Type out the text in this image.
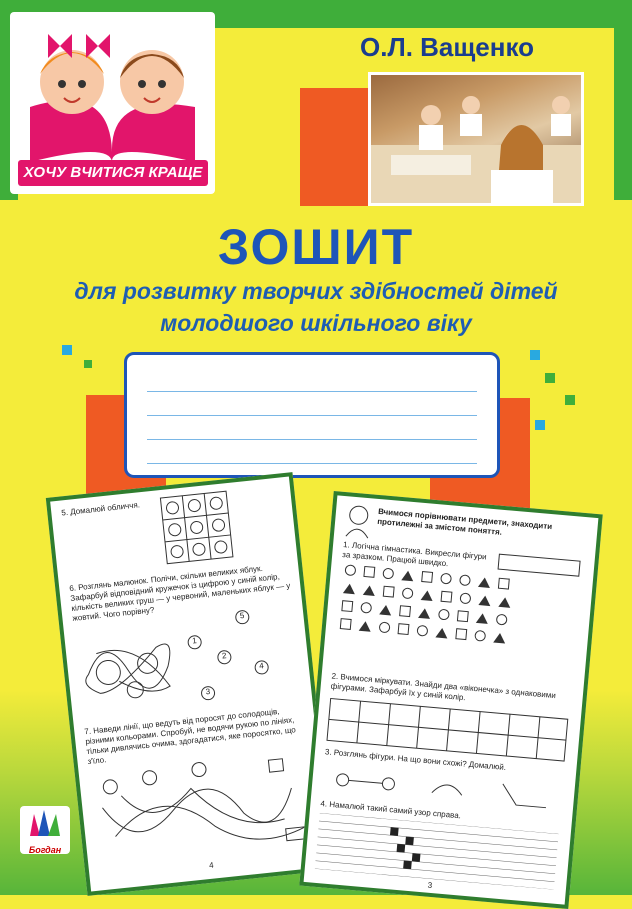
ХОЧУ ВЧИТИСЯ КРАЩЕ
О.Л. Ващенко
ЗОШИТ
для розвитку творчих здібностей дітей
молодшого шкільного віку
5. Домалюй обличчя.
6. Розглянь малюнок. Полічи, скільки великих яблук. Зафарбуй відповідний кружечок із цифрою у синій колір, кількість великих груш — у червоний, маленьких яблук — у жовтий. Чого порівну?	5
1
2
4
3
7. Наведи лінії, що ведуть від поросят до солодощів, різними кольорами. Спробуй, не водячи рукою по лініях, тільки дивлячись очима, здогадатися, яке поросятко, що з'їло.
4
Вчимося порівнювати предмети, знаходити протилежні за змістом поняття.
1. Логічна гімнастика. Викресли фігури за зразком. Працюй швидко.
2. Вчимося міркувати. Знайди два «віконечка» з однаковими фігурами. Зафарбуй їх у синій колір.
3. Розглянь фігури. На що вони схожі? Домалюй.
4. Намалюй такий самий узор справа.
3
Богдан
